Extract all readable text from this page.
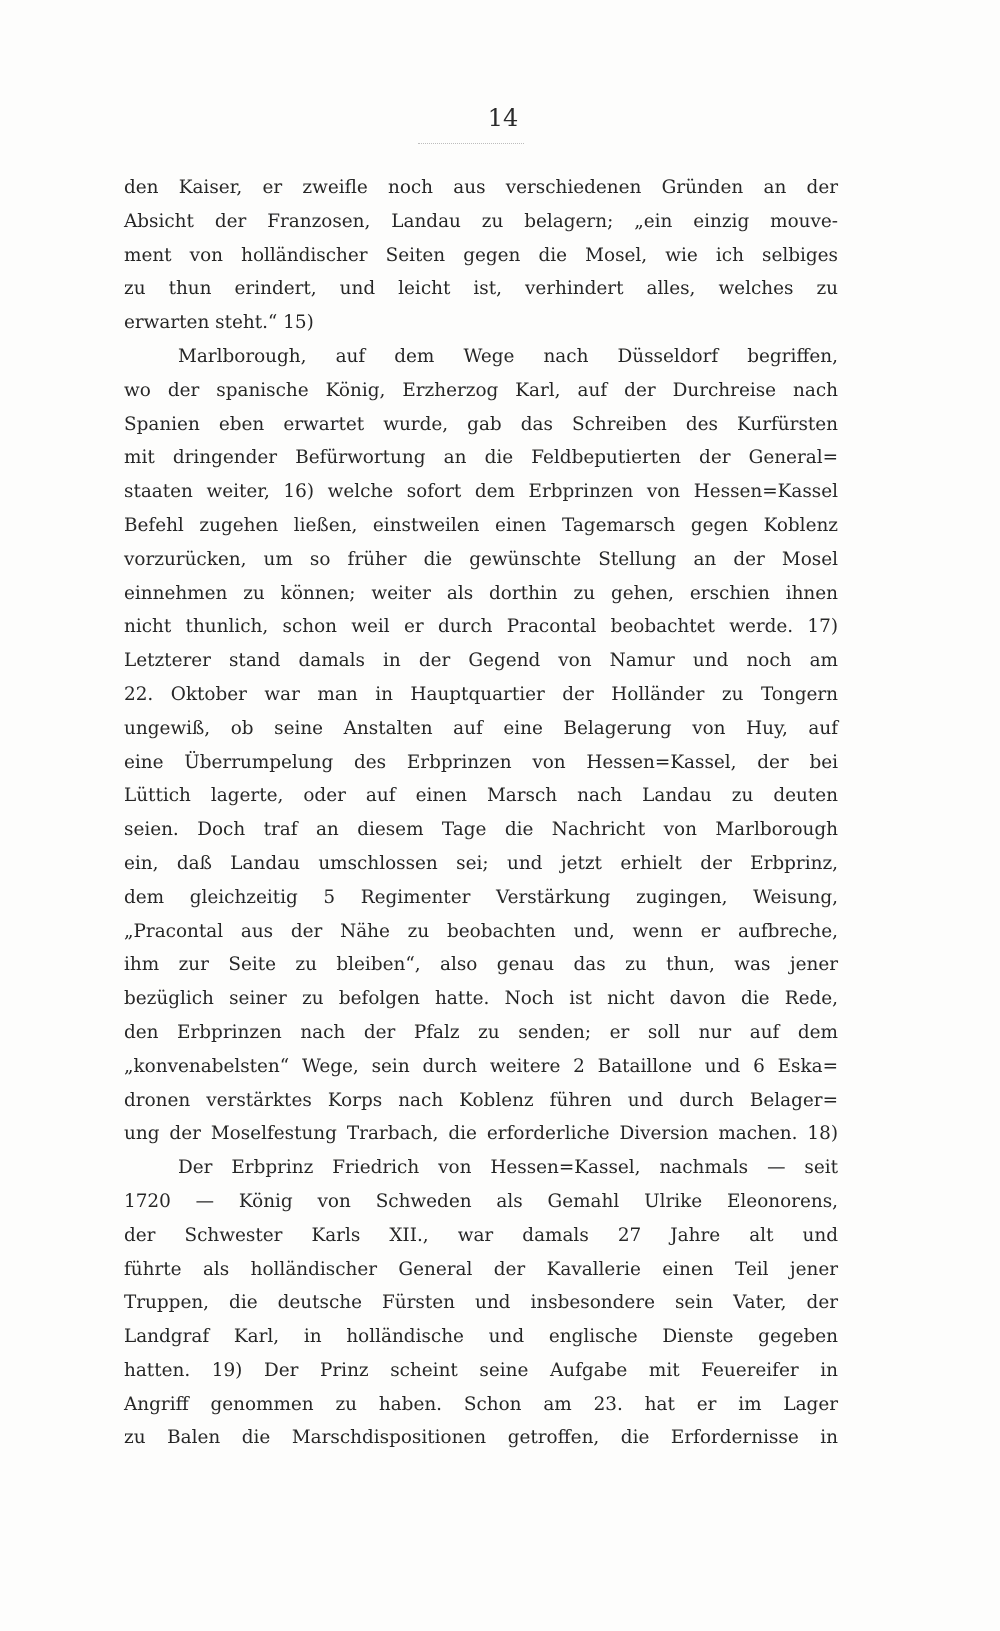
14
den Kaiser, er zweifle noch aus verschiedenen Gründen an der
Absicht der Franzosen, Landau zu belagern; „ein einzig mouve-
ment von holländischer Seiten gegen die Mosel, wie ich selbiges
zu thun erindert, und leicht ist, verhindert alles, welches zu
erwarten steht.“ 15)
Marlborough, auf dem Wege nach Düsseldorf begriffen,
wo der spanische König, Erzherzog Karl, auf der Durchreise nach
Spanien eben erwartet wurde, gab das Schreiben des Kurfürsten
mit dringender Befürwortung an die Feldbeputierten der General=
staaten weiter, 16) welche sofort dem Erbprinzen von Hessen=Kassel
Befehl zugehen ließen, einstweilen einen Tagemarsch gegen Koblenz
vorzurücken, um so früher die gewünschte Stellung an der Mosel
einnehmen zu können; weiter als dorthin zu gehen, erschien ihnen
nicht thunlich, schon weil er durch Pracontal beobachtet werde. 17)
Letzterer stand damals in der Gegend von Namur und noch am
22. Oktober war man in Hauptquartier der Holländer zu Tongern
ungewiß, ob seine Anstalten auf eine Belagerung von Huy, auf
eine Überrumpelung des Erbprinzen von Hessen=Kassel, der bei
Lüttich lagerte, oder auf einen Marsch nach Landau zu deuten
seien. Doch traf an diesem Tage die Nachricht von Marlborough
ein, daß Landau umschlossen sei; und jetzt erhielt der Erbprinz,
dem gleichzeitig 5 Regimenter Verstärkung zugingen, Weisung,
„Pracontal aus der Nähe zu beobachten und, wenn er aufbreche,
ihm zur Seite zu bleiben“, also genau das zu thun, was jener
bezüglich seiner zu befolgen hatte. Noch ist nicht davon die Rede,
den Erbprinzen nach der Pfalz zu senden; er soll nur auf dem
„konvenabelsten“ Wege, sein durch weitere 2 Bataillone und 6 Eska=
dronen verstärktes Korps nach Koblenz führen und durch Belager=
ung der Moselfestung Trarbach, die erforderliche Diversion machen. 18)
Der Erbprinz Friedrich von Hessen=Kassel, nachmals — seit
1720 — König von Schweden als Gemahl Ulrike Eleonorens,
der Schwester Karls XII., war damals 27 Jahre alt und
führte als holländischer General der Kavallerie einen Teil jener
Truppen, die deutsche Fürsten und insbesondere sein Vater, der
Landgraf Karl, in holländische und englische Dienste gegeben
hatten. 19) Der Prinz scheint seine Aufgabe mit Feuereifer in
Angriff genommen zu haben. Schon am 23. hat er im Lager
zu Balen die Marschdispositionen getroffen, die Erfordernisse in
